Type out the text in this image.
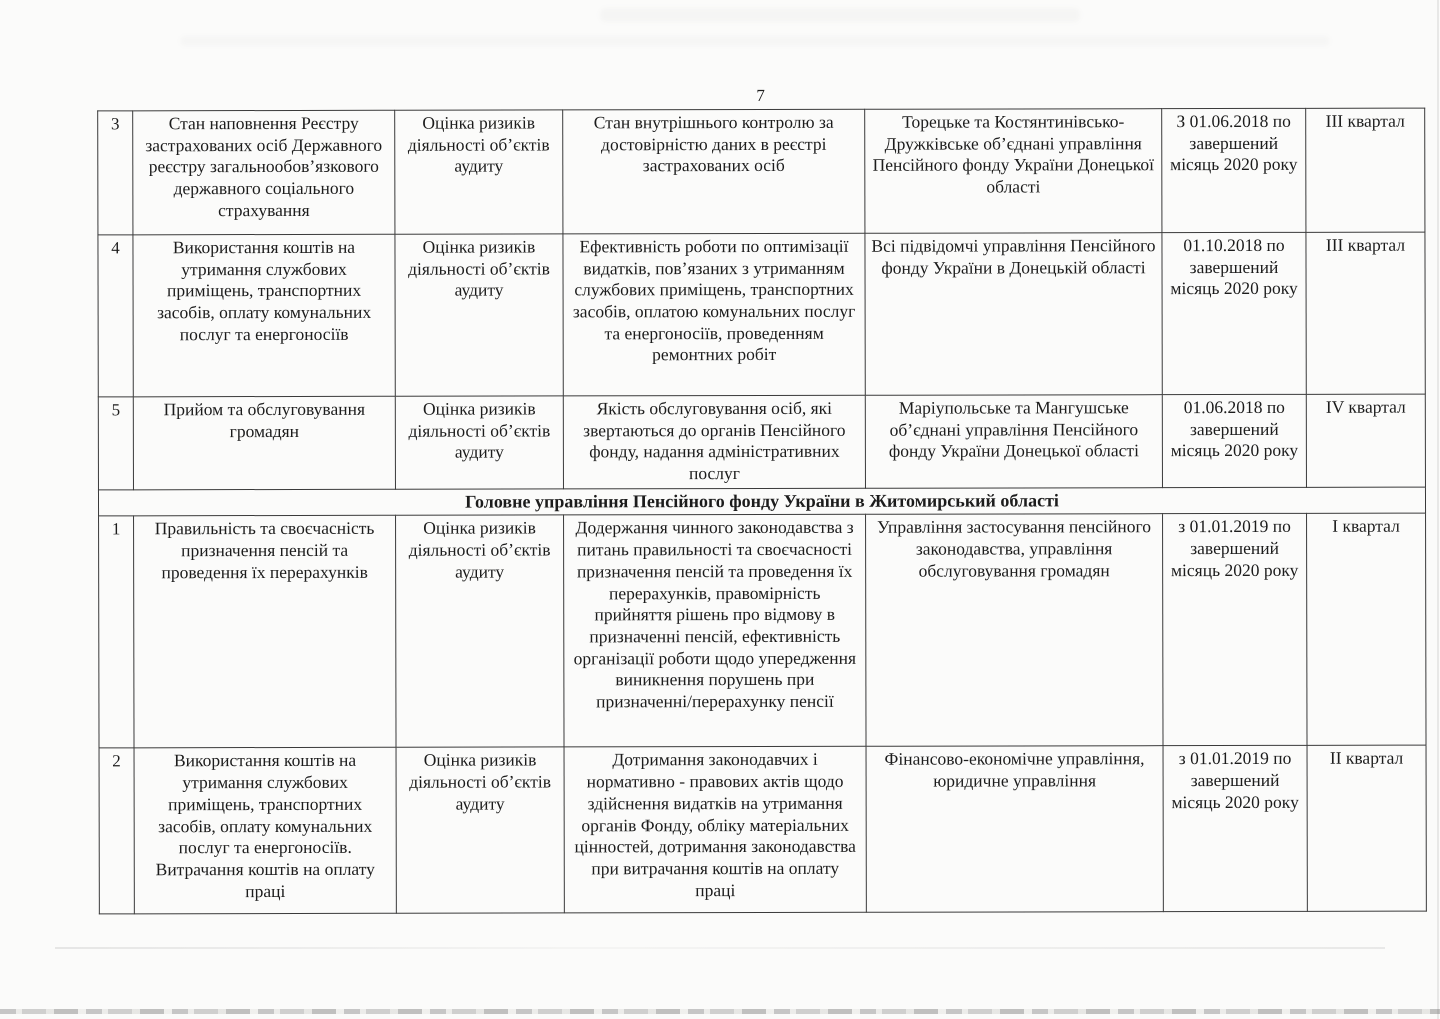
7
3	Стан наповнення Реєстру застрахованих осіб Державного реєстру загальнообов’язкового державного соціального страхування	Оцінка ризиків діяльності об’єктів аудиту	Стан внутрішнього контролю за достовірністю даних в реєстрі застрахованих осіб	Торецьке та Костянтинівсько-Дружківське об’єднані управління Пенсійного фонду України Донецької області	З 01.06.2018 по завершений місяць 2020 року	III квартал
4	Використання коштів на утримання службових приміщень, транспортних засобів, оплату комунальних послуг та енергоносіїв	Оцінка ризиків діяльності об’єктів аудиту	Ефективність роботи по оптимізації видатків, пов’язаних з утриманням службових приміщень, транспортних засобів, оплатою комунальних послуг та енергоносіїв, проведенням ремонтних робіт	Всі підвідомчі управління Пенсійного фонду України в Донецькій області	01.10.2018 по завершений місяць 2020 року	III квартал
5	Прийом та обслуговування громадян	Оцінка ризиків діяльності об’єктів аудиту	Якість обслуговування осіб, які звертаються до органів Пенсійного фонду, надання адміністративних послуг	Маріупольське та Мангушське об’єднані управління Пенсійного фонду України Донецької області	01.06.2018 по завершений місяць 2020 року	IV квартал
Головне управління Пенсійного фонду України в Житомирський області						
1	Правильність та своєчасність призначення пенсій та проведення їх перерахунків	Оцінка ризиків діяльності об’єктів аудиту	Додержання чинного законодавства з питань правильності та своєчасності призначення пенсій та проведення їх перерахунків, правомірність прийняття рішень про відмову в призначенні пенсій, ефективність організації роботи щодо упередження виникнення порушень при призначенні/перерахунку пенсії	Управління застосування пенсійного законодавства, управління обслуговування громадян	з 01.01.2019 по завершений місяць 2020 року	I квартал
2	Використання коштів на утримання службових приміщень, транспортних засобів, оплату комунальних послуг та енергоносіїв. Витрачання коштів на оплату праці	Оцінка ризиків діяльності об’єктів аудиту	Дотримання законодавчих і нормативно - правових актів щодо здійснення видатків на утримання органів Фонду, обліку матеріальних цінностей, дотримання законодавства при витрачання коштів на оплату праці	Фінансово-економічне управління, юридичне управління	з 01.01.2019 по завершений місяць 2020 року	II квартал
